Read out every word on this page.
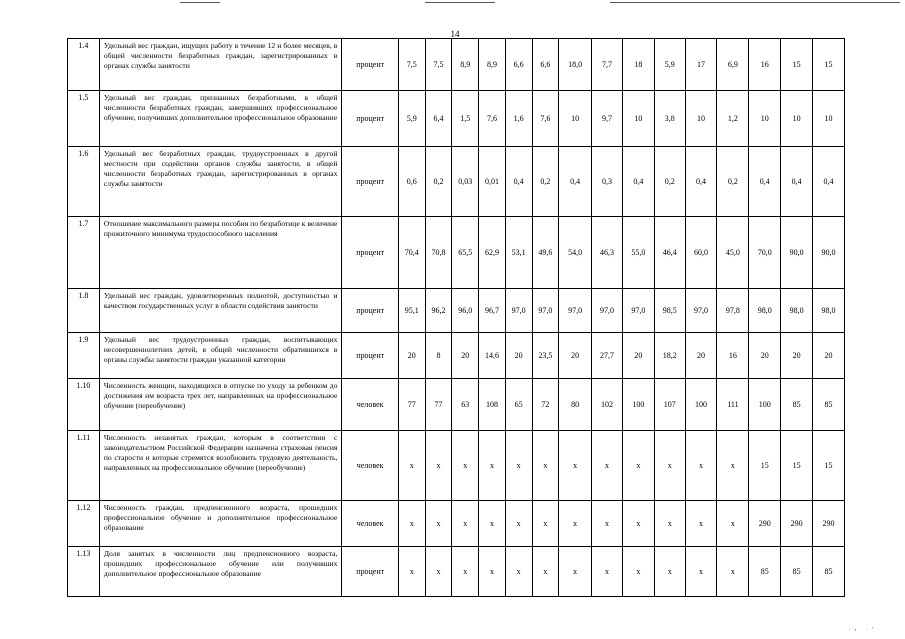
14
1.4	Удельный вес граждан, ищущих работу в течение 12 и более месяцев, в общей численности безработных граждан, зарегистрированных в органах службы занятости	процент	7,5	7,5	8,9	8,9	6,6	6,6	18,0	7,7	18	5,9	17	6,9	16	15	15
1.5	Удельный вес граждан, признанных безработными, в общей численности безработных граждан, завершивших профессиональное обучение, получивших дополнительное профессиональное образование	процент	5,9	6,4	1,5	7,6	1,6	7,6	10	9,7	10	3,8	10	1,2	10	10	10
1.6	Удельный вес безработных граждан, трудоустроенных в другой местности при содействии органов службы занятости, в общей численности безработных граждан, зарегистрированных в органах службы занятости	процент	0,6	0,2	0,03	0,01	0,4	0,2	0,4	0,3	0,4	0,2	0,4	0,2	0,4	0,4	0,4
1.7	Отношение максимального размера пособия по безработице к величине прожиточного минимума трудоспособного населения	процент	70,4	70,8	65,5	62,9	53,1	49,6	54,0	46,3	55,0	46,4	60,0	45,0	70,0	90,0	90,0
1.8	Удельный вес граждан, удовлетворенных полнотой, доступностью и качеством государственных услуг в области содействия занятости	процент	95,1	96,2	96,0	96,7	97,0	97,0	97,0	97,0	97,0	98,5	97,0	97,8	98,0	98,0	98,0
1.9	Удельный вес трудоустроенных граждан, воспитывающих несовершеннолетних детей, в общей численности обратившихся в органы службы занятости граждан указанной категории	процент	20	8	20	14,6	20	23,5	20	27,7	20	18,2	20	16	20	20	20
1.10	Численность женщин, находящихся в отпуске по уходу за ребенком до достижения им возраста трех лет, направленных на профессиональное обучение (переобучение)	человек	77	77	63	108	65	72	80	102	100	107	100	111	100	85	85
1.11	Численность незанятых граждан, которым в соответствии с законодательством Российской Федерации назначена страховая пенсия по старости и которые стремятся возобновить трудовую деятельность, направленных на профессиональное обучение (переобучение)	человек	x	x	x	x	x	x	x	x	x	x	x	x	15	15	15
1.12	Численность граждан, предпенсионного возраста, прошедших профессиональное обучение и дополнительное профессиональное образование	человек	x	x	x	x	x	x	x	x	x	x	x	x	290	290	290
1.13	Доля занятых в численности лиц предпенсионного возраста, прошедших профессиональное обучение или получивших дополнительное профессиональное образование	процент	x	x	x	x	x	x	x	x	x	x	x	x	85	85	85
·› ·'
